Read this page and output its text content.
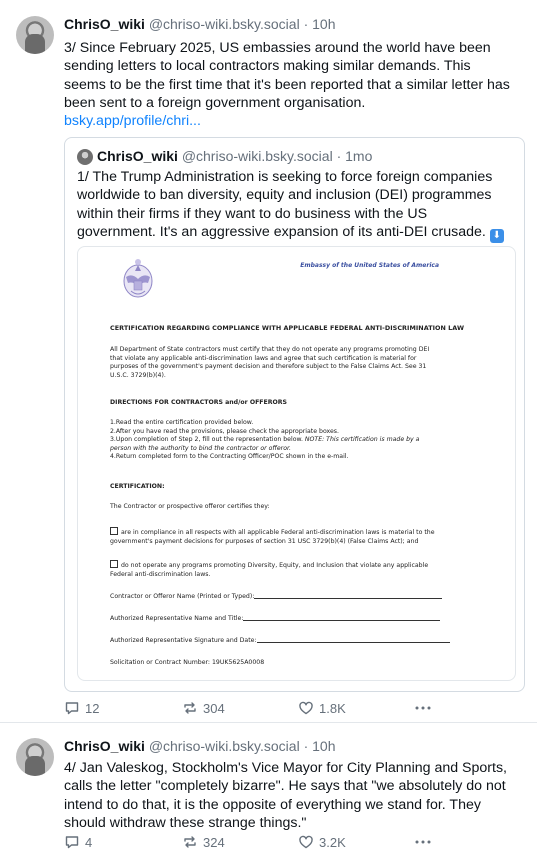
ChrisO_wiki @chriso-wiki.bsky.social · 10h
3/ Since February 2025, US embassies around the world have been
sending letters to local contractors making similar demands. This
seems to be the first time that it's been reported that a similar letter has
been sent to a foreign government organisation.
bsky.app/profile/chri...
ChrisO_wiki @chriso-wiki.bsky.social · 1mo
1/ The Trump Administration is seeking to force foreign companies
worldwide to ban diversity, equity and inclusion (DEI) programmes
within their firms if they want to do business with the US
government. It's an aggressive expansion of its anti-DEI crusade. ⬇
Embassy of the United States of America
CERTIFICATION REGARDING COMPLIANCE WITH APPLICABLE FEDERAL ANTI-DISCRIMINATION LAW
All Department of State contractors must certify that they do not operate any programs promoting DEI
that violate any applicable anti-discrimination laws and agree that such certification is material for
purposes of the government's payment decision and therefore subject to the False Claims Act. See 31
U.S.C. 3729(b)(4).
DIRECTIONS FOR CONTRACTORS and/or OFFERORS
1.Read the entire certification provided below.
2.After you have read the provisions, please check the appropriate boxes.
3.Upon completion of Step 2, fill out the representation below. NOTE: This certification is made by a
person with the authority to bind the contractor or offeror.
4.Return completed form to the Contracting Officer/POC shown in the e-mail.
CERTIFICATION:
The Contractor or prospective offeror certifies they:
are in compliance in all respects with all applicable Federal anti-discrimination laws is material to the
government's payment decisions for purposes of section 31 USC 3729(b)(4) (False Claims Act); and
do not operate any programs promoting Diversity, Equity, and Inclusion that violate any applicable
Federal anti-discrimination laws.
Contractor or Offeror Name (Printed or Typed):
Authorized Representative Name and Title:
Authorized Representative Signature and Date:
Solicitation or Contract Number: 19UK5625A0008
12	304	1.8K
ChrisO_wiki @chriso-wiki.bsky.social · 10h
4/ Jan Valeskog, Stockholm's Vice Mayor for City Planning and Sports,
calls the letter "completely bizarre". He says that "we absolutely do not
intend to do that, it is the opposite of everything we stand for. They
should withdraw these strange things."
4	324	3.2K
